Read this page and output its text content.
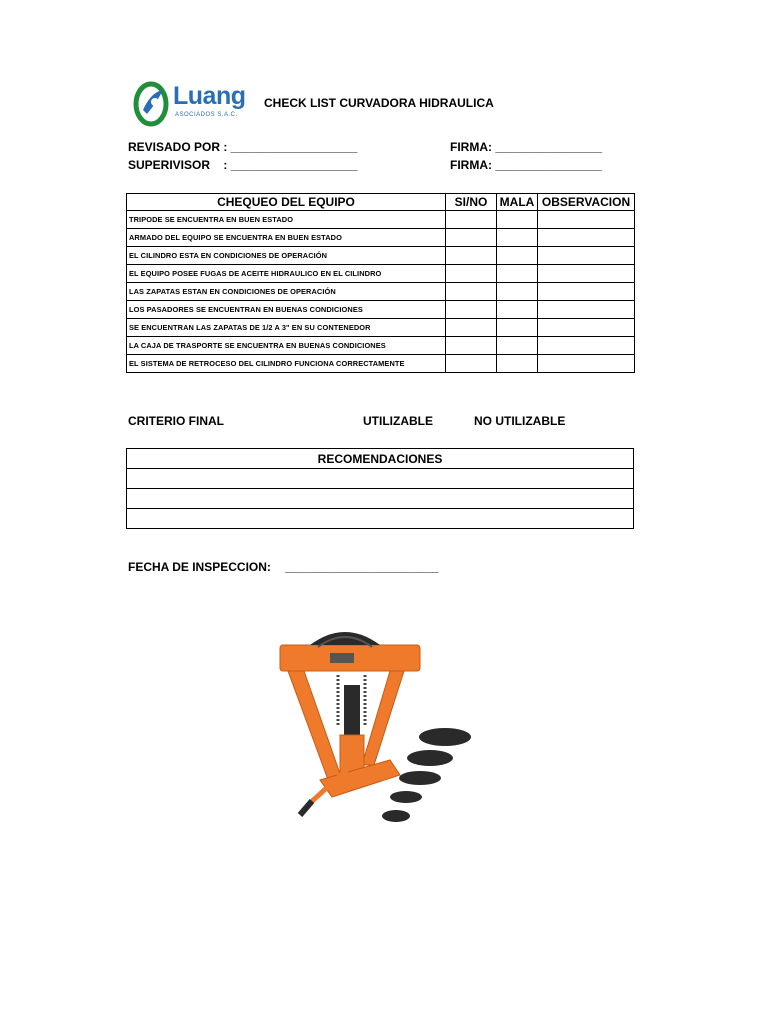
Luang
ASOCIADOS S.A.C.
CHECK LIST CURVADORA HIDRAULICA
REVISADO POR : ___________________
SUPERIVISOR    : ___________________
FIRMA: ________________
FIRMA: ________________
CHEQUEO DEL EQUIPO	SI/NO	MALA	OBSERVACION
TRIPODE SE ENCUENTRA EN BUEN ESTADO			
ARMADO DEL EQUIPO SE ENCUENTRA EN BUEN ESTADO			
EL CILINDRO ESTA EN CONDICIONES DE OPERACIÓN			
EL EQUIPO POSEE FUGAS DE ACEITE HIDRAULICO EN EL CILINDRO			
LAS ZAPATAS ESTAN EN CONDICIONES DE OPERACIÓN			
LOS PASADORES SE ENCUENTRAN EN BUENAS CONDICIONES			
SE ENCUENTRAN LAS ZAPATAS DE 1/2 A 3" EN SU CONTENEDOR			
LA CAJA DE TRASPORTE SE ENCUENTRA EN BUENAS CONDICIONES			
EL SISTEMA DE RETROCESO DEL CILINDRO FUNCIONA CORRECTAMENTE			
CRITERIO FINAL	UTILIZABLE	NO UTILIZABLE
RECOMENDACIONES

FECHA DE INSPECCION: _______________________
